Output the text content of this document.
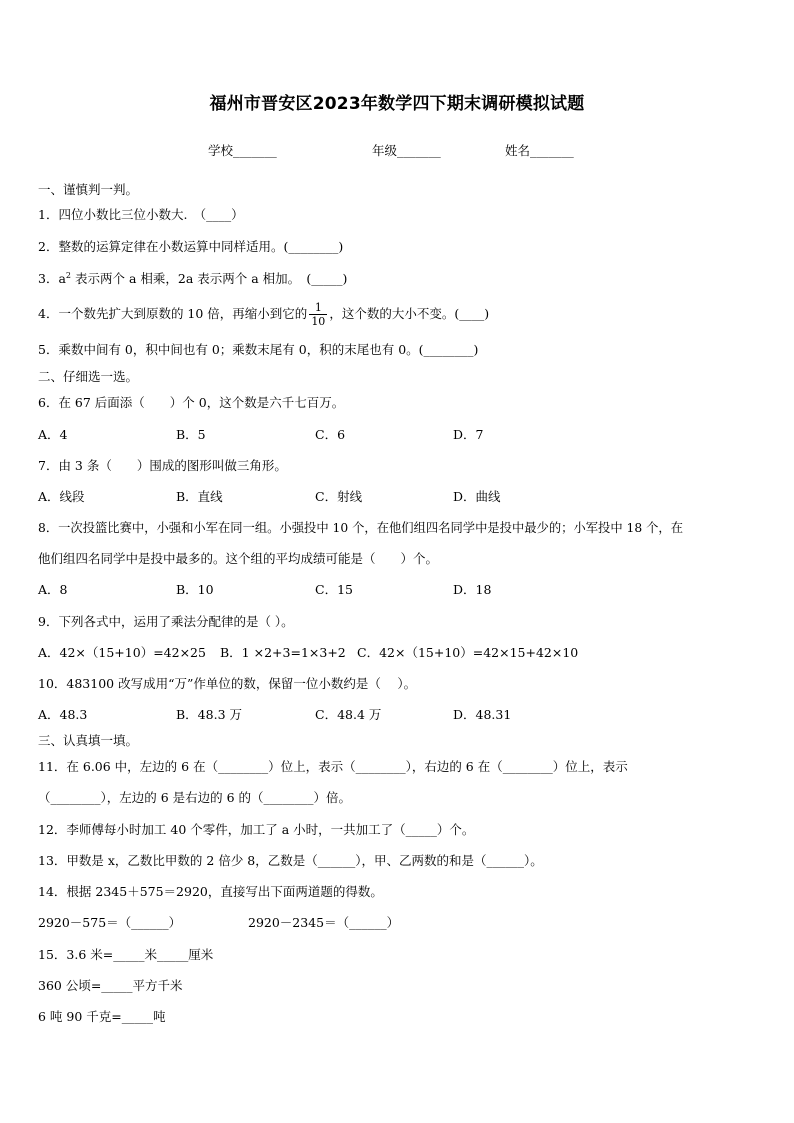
福州市晋安区2023年数学四下期末调研模拟试题
学校_______	年级_______	姓名_______
一、谨慎判一判。
1．四位小数比三位小数大.　（____）
2．整数的运算定律在小数运算中同样适用。(________)
3．$a^2$ 表示两个 a 相乘，2a 表示两个 a 相加。　(_____)
4．一个数先扩大到原数的 10 倍，再缩小到它的 $\frac{1}{10}$ ，这个数的大小不变。(____)
5．乘数中间有 0，积中间也有 0；乘数末尾有 0，积的末尾也有 0。(________)
二、仔细选一选。
6．在 67 后面添（　　）个 0，这个数是六千七百万。
A．4	B．5	C．6	D．7
7．由 3 条（　　）围成的图形叫做三角形。
A．线段	B．直线	C．射线	D．曲线
8．一次投篮比赛中，小强和小军在同一组。小强投中 10 个，在他们组四名同学中是投中最少的；小军投中 18 个，在
他们组四名同学中是投中最多的。这个组的平均成绩可能是（　　）个。
A．8	B．10	C．15	D．18
9．下列各式中，运用了乘法分配律的是（ ）。
A．42×（15+10）=42×25 B．1 ×2+3=1×3+2 C．42×（15+10）=42×15+42×10
10．483100 改写成用“万”作单位的数，保留一位小数约是（　 ）。
A．48.3	B．48.3 万	C．48.4 万	D．48.31
三、认真填一填。
11．在 6.06 中，左边的 6 在（________）位上，表示（________），右边的 6 在（________）位上，表示
（________），左边的 6 是右边的 6 的（________）倍。
12．李师傅每小时加工 40 个零件，加工了 a 小时，一共加工了（_____）个。
13．甲数是 x，乙数比甲数的 2 倍少 8，乙数是（______），甲、乙两数的和是（______）。
14．根据 2345＋575＝2920，直接写出下面两道题的得数。
2920－575＝（______）	2920－2345＝（______）
15．3.6 米=_____米_____厘米
360 公顷=_____平方千米
6 吨 90 千克=_____吨
